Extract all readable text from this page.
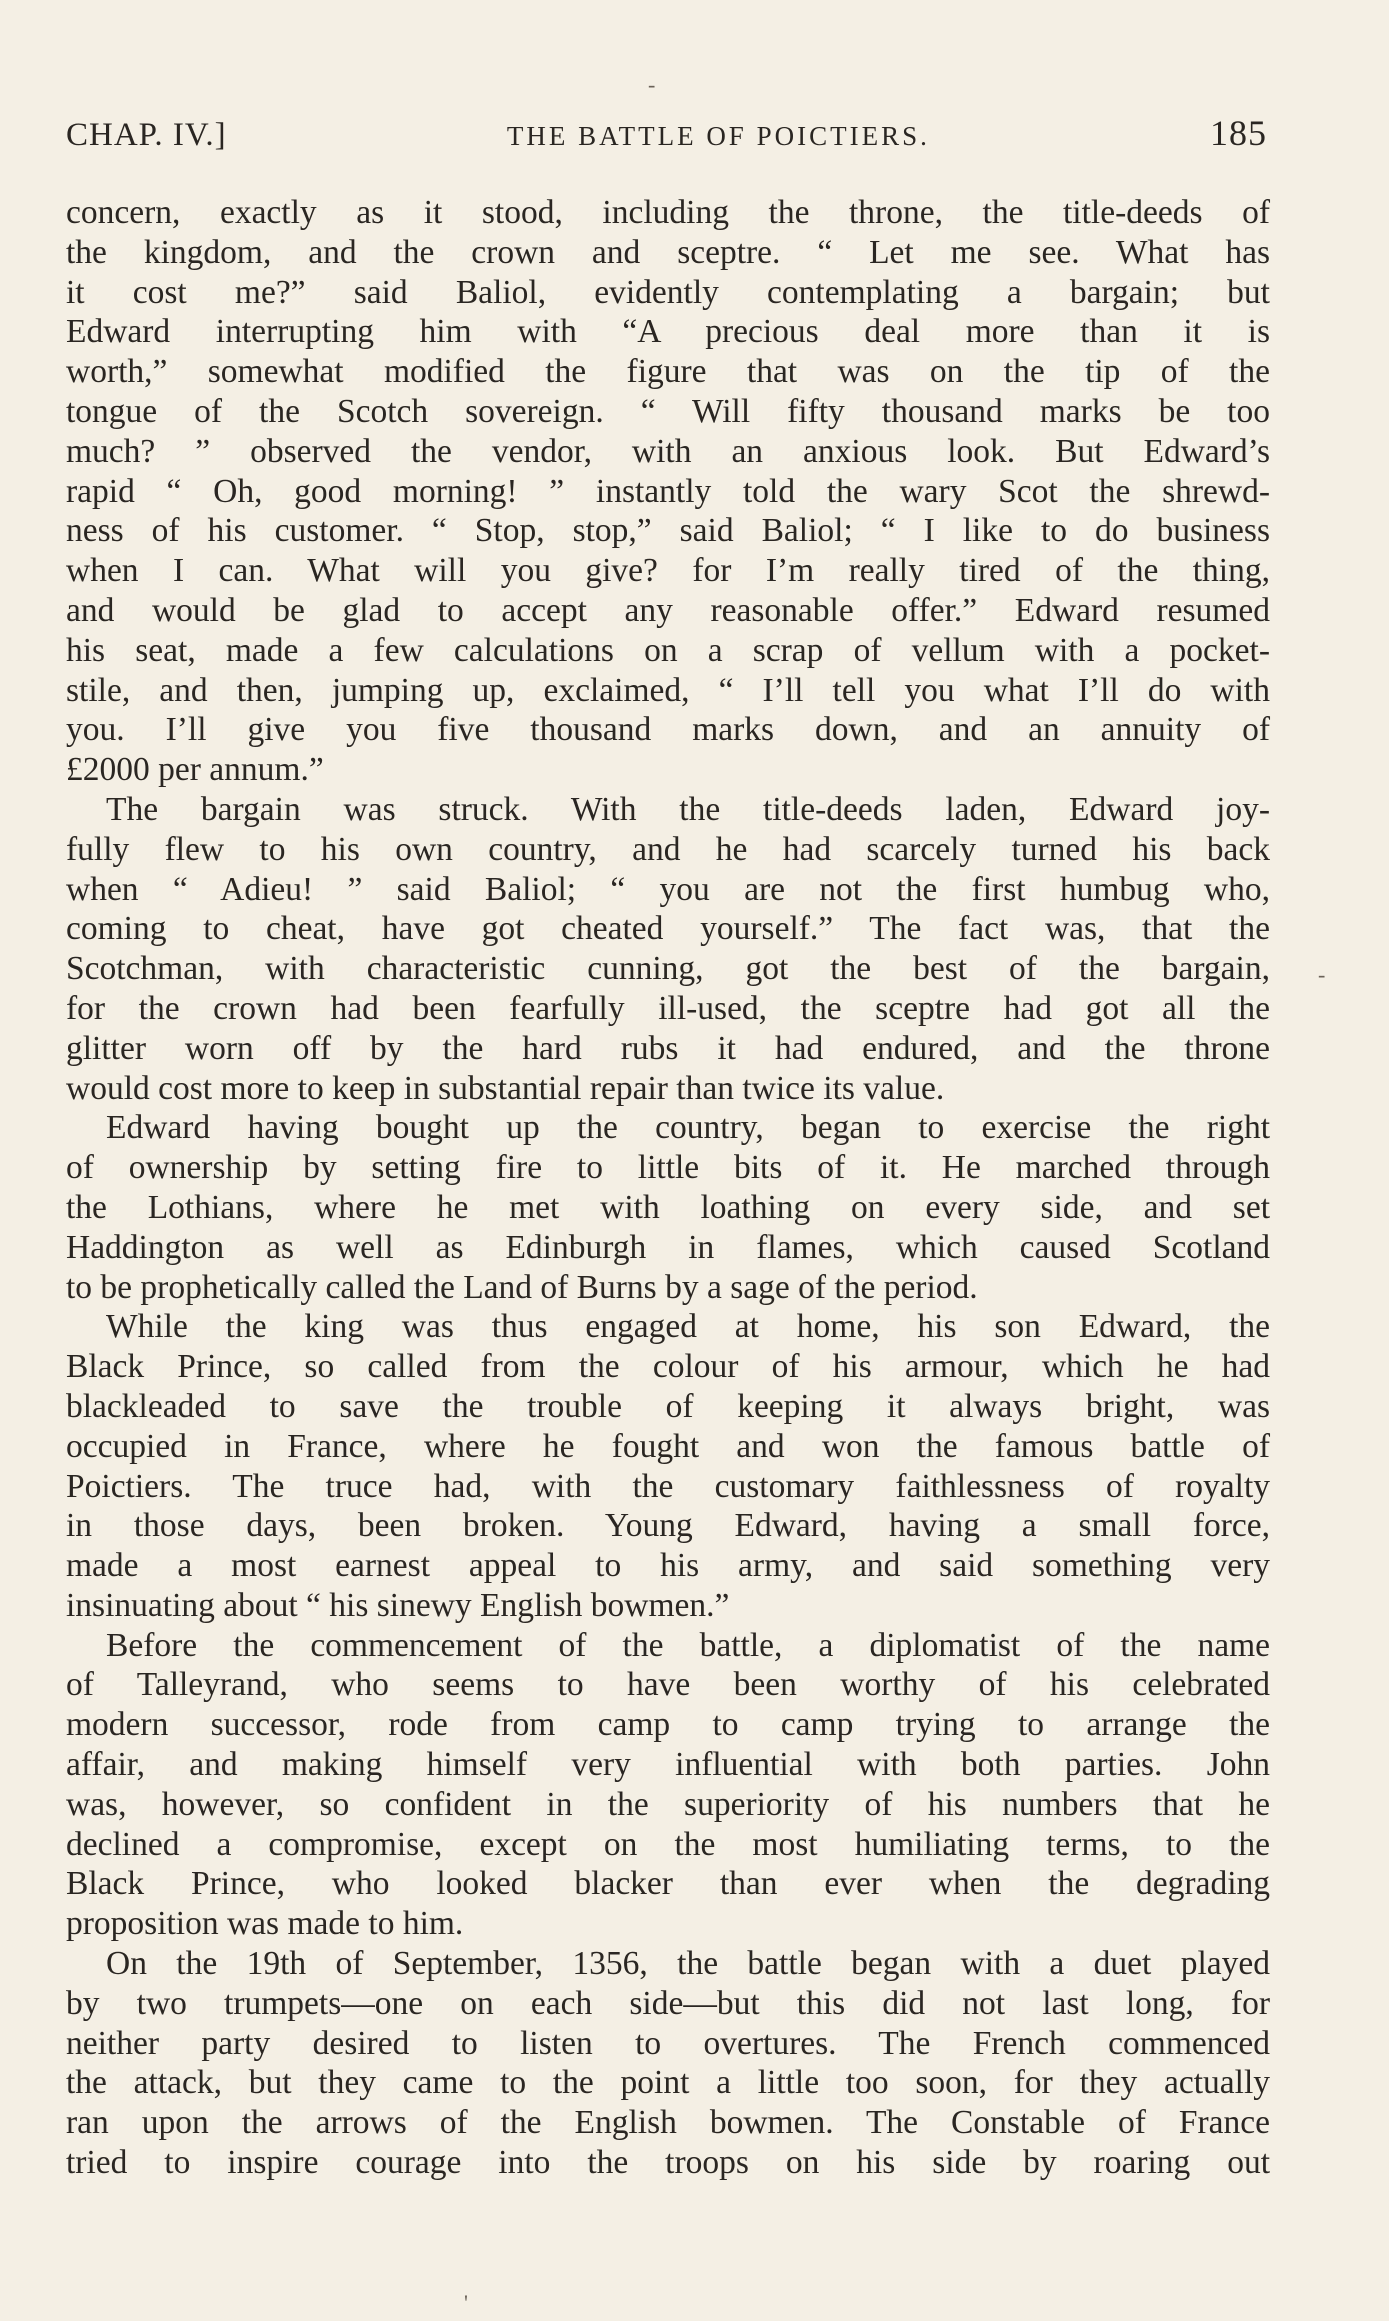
-
CHAP. IV.]	THE BATTLE OF POICTIERS.	185
concern, exactly as it stood, including the throne, the title-deeds of
the kingdom, and the crown and sceptre. “ Let me see. What has
it cost me?” said Baliol, evidently contemplating a bargain; but
Edward interrupting him with “A precious deal more than it is
worth,” somewhat modified the figure that was on the tip of the
tongue of the Scotch sovereign. “ Will fifty thousand marks be too
much? ” observed the vendor, with an anxious look. But Edward’s
rapid “ Oh, good morning! ” instantly told the wary Scot the shrewd-
ness of his customer. “ Stop, stop,” said Baliol; “ I like to do business
when I can. What will you give? for I’m really tired of the thing,
and would be glad to accept any reasonable offer.” Edward resumed
his seat, made a few calculations on a scrap of vellum with a pocket-
stile, and then, jumping up, exclaimed, “ I’ll tell you what I’ll do with
you. I’ll give you five thousand marks down, and an annuity of
£2000 per annum.”
The bargain was struck. With the title-deeds laden, Edward joy-
fully flew to his own country, and he had scarcely turned his back
when “ Adieu! ” said Baliol; “ you are not the first humbug who,
coming to cheat, have got cheated yourself.” The fact was, that the
Scotchman, with characteristic cunning, got the best of the bargain,
for the crown had been fearfully ill-used, the sceptre had got all the
glitter worn off by the hard rubs it had endured, and the throne
would cost more to keep in substantial repair than twice its value.
Edward having bought up the country, began to exercise the right
of ownership by setting fire to little bits of it. He marched through
the Lothians, where he met with loathing on every side, and set
Haddington as well as Edinburgh in flames, which caused Scotland
to be prophetically called the Land of Burns by a sage of the period.
While the king was thus engaged at home, his son Edward, the
Black Prince, so called from the colour of his armour, which he had
blackleaded to save the trouble of keeping it always bright, was
occupied in France, where he fought and won the famous battle of
Poictiers. The truce had, with the customary faithlessness of royalty
in those days, been broken. Young Edward, having a small force,
made a most earnest appeal to his army, and said something very
insinuating about “ his sinewy English bowmen.”
Before the commencement of the battle, a diplomatist of the name
of Talleyrand, who seems to have been worthy of his celebrated
modern successor, rode from camp to camp trying to arrange the
affair, and making himself very influential with both parties. John
was, however, so confident in the superiority of his numbers that he
declined a compromise, except on the most humiliating terms, to the
Black Prince, who looked blacker than ever when the degrading
proposition was made to him.
On the 19th of September, 1356, the battle began with a duet played
by two trumpets—one on each side—but this did not last long, for
neither party desired to listen to overtures. The French commenced
the attack, but they came to the point a little too soon, for they actually
ran upon the arrows of the English bowmen. The Constable of France
tried to inspire courage into the troops on his side by roaring out
-
'
